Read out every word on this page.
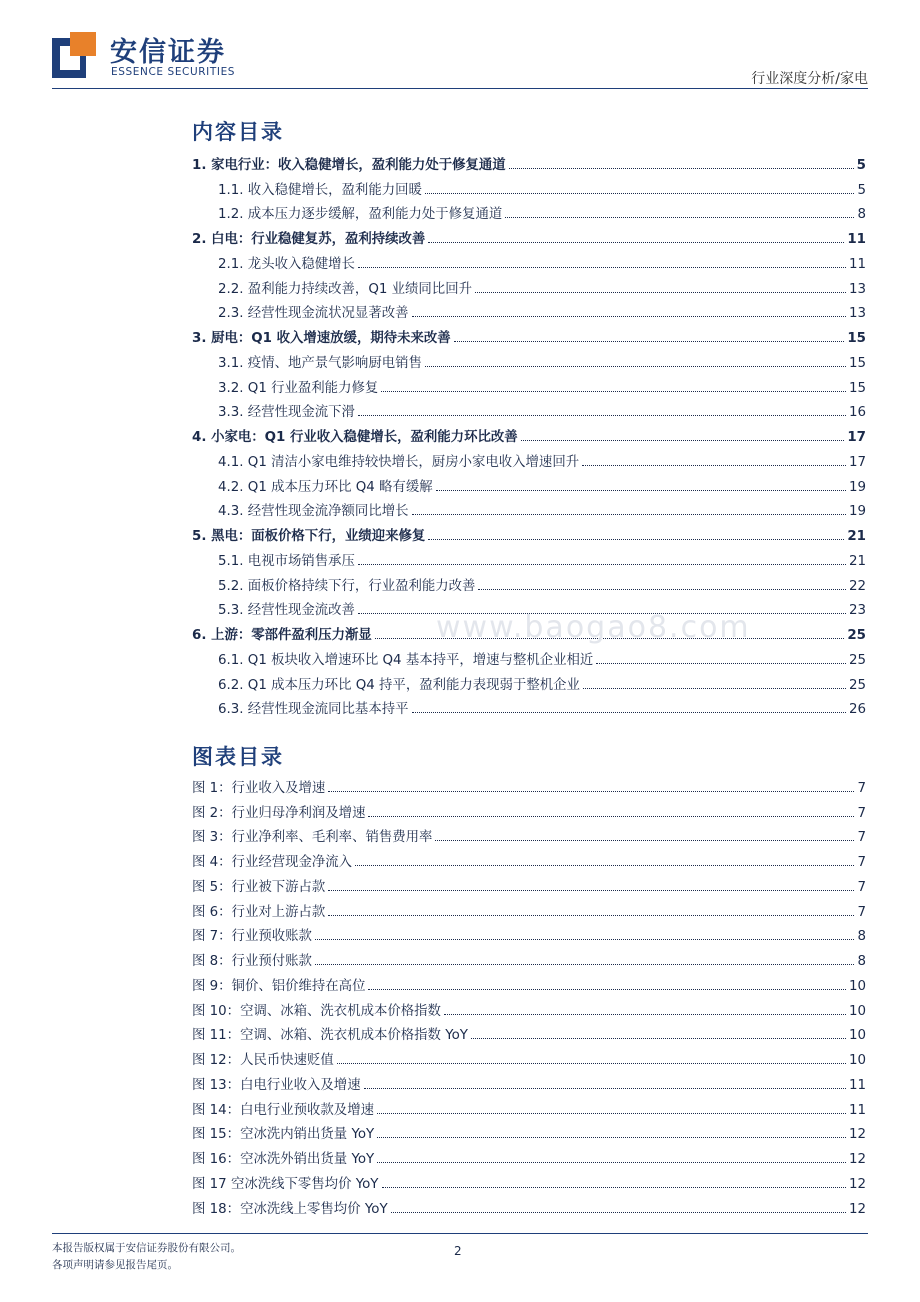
安信证券
ESSENCE SECURITIES	行业深度分析/家电
内容目录
1. 家电行业：收入稳健增长，盈利能力处于修复通道	5
1.1. 收入稳健增长，盈利能力回暖	5
1.2. 成本压力逐步缓解，盈利能力处于修复通道	8
2. 白电：行业稳健复苏，盈利持续改善	11
2.1. 龙头收入稳健增长	11
2.2. 盈利能力持续改善，Q1 业绩同比回升	13
2.3. 经营性现金流状况显著改善	13
3. 厨电：Q1 收入增速放缓，期待未来改善	15
3.1. 疫情、地产景气影响厨电销售	15
3.2. Q1 行业盈利能力修复	15
3.3. 经营性现金流下滑	16
4. 小家电：Q1 行业收入稳健增长，盈利能力环比改善	17
4.1. Q1 清洁小家电维持较快增长，厨房小家电收入增速回升	17
4.2. Q1 成本压力环比 Q4 略有缓解	19
4.3. 经营性现金流净额同比增长	19
5. 黑电：面板价格下行，业绩迎来修复	21
5.1. 电视市场销售承压	21
5.2. 面板价格持续下行，行业盈利能力改善	22
5.3. 经营性现金流改善	23
6. 上游：零部件盈利压力渐显	25
6.1. Q1 板块收入增速环比 Q4 基本持平，增速与整机企业相近	25
6.2. Q1 成本压力环比 Q4 持平，盈利能力表现弱于整机企业	25
6.3. 经营性现金流同比基本持平	26
www.baogao8.com
图表目录
图 1：行业收入及增速	7
图 2：行业归母净利润及增速	7
图 3：行业净利率、毛利率、销售费用率	7
图 4：行业经营现金净流入	7
图 5：行业被下游占款	7
图 6：行业对上游占款	7
图 7：行业预收账款	8
图 8：行业预付账款	8
图 9：铜价、铝价维持在高位	10
图 10：空调、冰箱、洗衣机成本价格指数	10
图 11：空调、冰箱、洗衣机成本价格指数 YoY	10
图 12：人民币快速贬值	10
图 13：白电行业收入及增速	11
图 14：白电行业预收款及增速	11
图 15：空冰洗内销出货量 YoY	12
图 16：空冰洗外销出货量 YoY	12
图 17 空冰洗线下零售均价 YoY	12
图 18：空冰洗线上零售均价 YoY	12
本报告版权属于安信证券股份有限公司。
各项声明请参见报告尾页。
2
